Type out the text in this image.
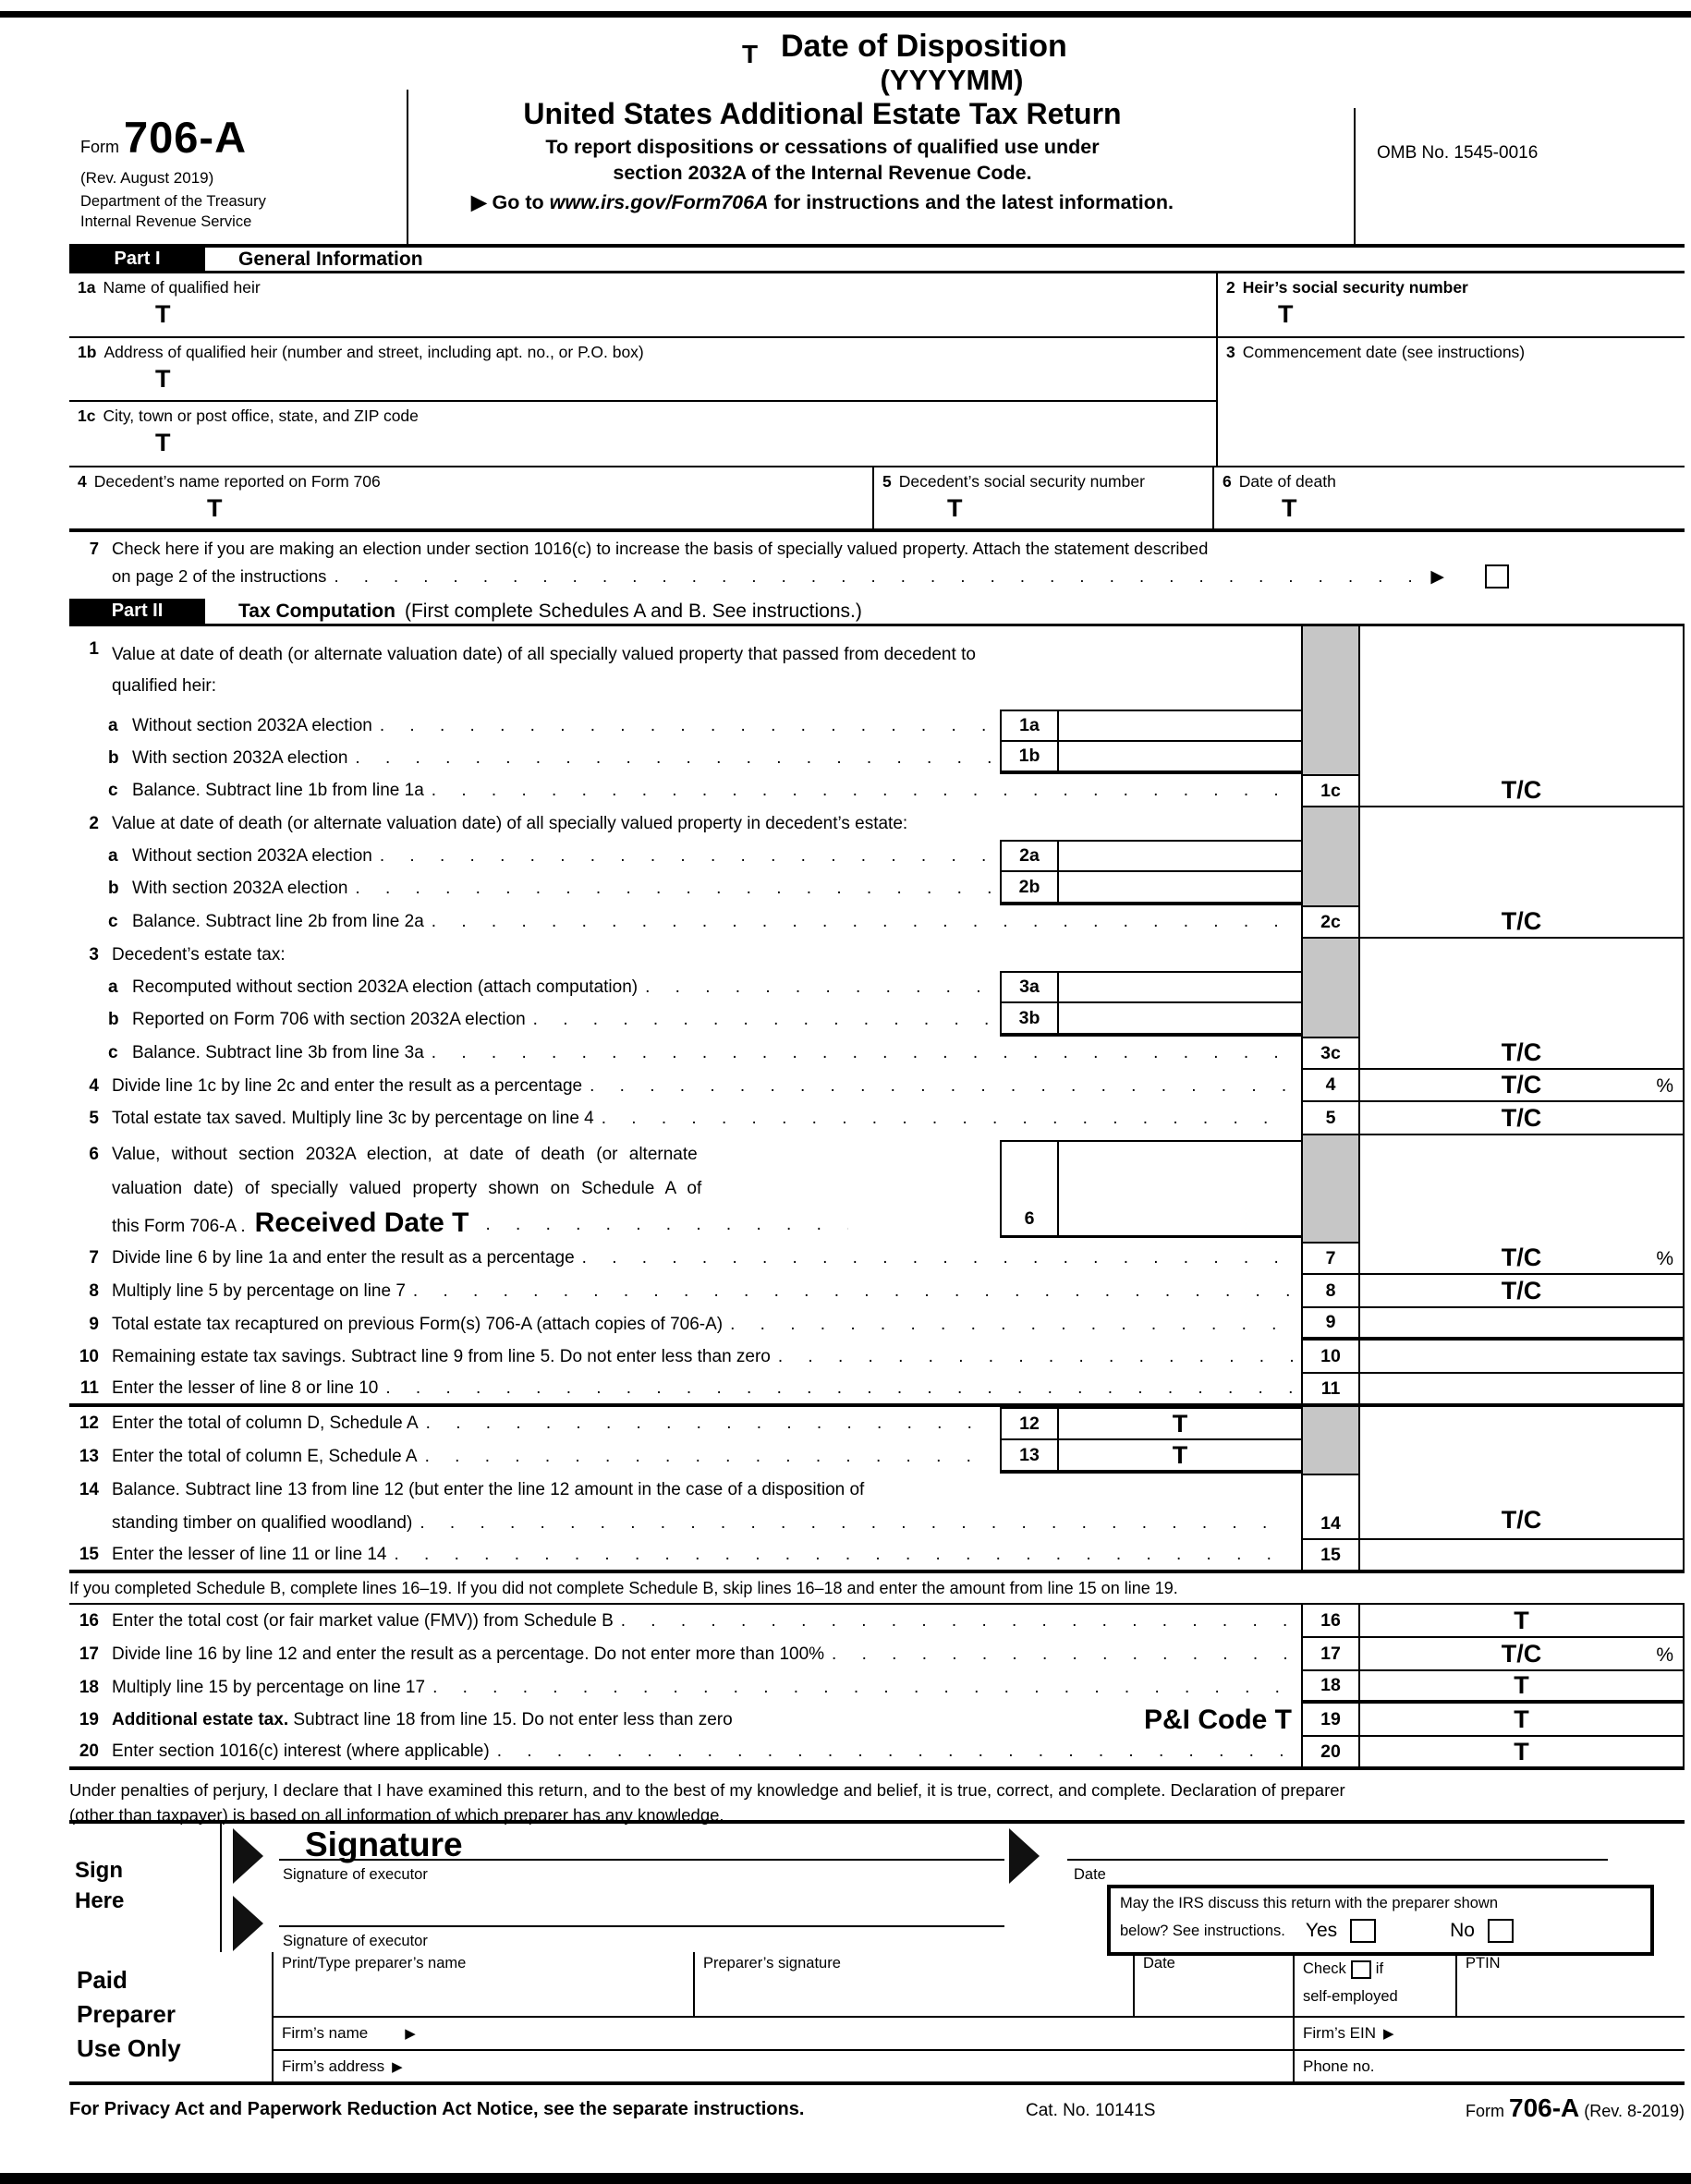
Form 706-A
(Rev. August 2019)
Department of the Treasury
Internal Revenue Service
T Date of Disposition
(YYYYMM)
United States Additional Estate Tax Return
To report dispositions or cessations of qualified use under
section 2032A of the Internal Revenue Code.
▶ Go to www.irs.gov/Form706A for instructions and the latest information.
OMB No. 1545-0016
Part I	General Information
1a Name of qualified heir
T
2 Heir’s social security number
T
1b Address of qualified heir (number and street, including apt. no., or P.O. box)
T
1c City, town or post office, state, and ZIP code
T
3 Commencement date (see instructions)
4 Decedent’s name reported on Form 706
T
5 Decedent’s social security number
T
6 Date of death
T
7 Check here if you are making an election under section 1016(c) to increase the basis of specially valued property. Attach the statement described
on page 2 of the instructions . . .	▶
Part II	Tax Computation (First complete Schedules A and B. See instructions.)
1 Value at date of death (or alternate valuation date) of all specially valued property that passed from decedent to qualified heir:
a Without section 2032A election . . .	1a
b With section 2032A election . . .	1b
c Balance. Subtract line 1b from line 1a . . .	1c	T/C
2 Value at date of death (or alternate valuation date) of all specially valued property in decedent’s estate:
a Without section 2032A election . . .	2a
b With section 2032A election . . .	2b
c Balance. Subtract line 2b from line 2a . . .	2c	T/C
3 Decedent’s estate tax:
a Recomputed without section 2032A election (attach computation) . . .	3a
b Reported on Form 706 with section 2032A election . . .	3b
c Balance. Subtract line 3b from line 3a . . .	3c	T/C
4 Divide line 1c by line 2c and enter the result as a percentage . . .	4	T/C	%
5 Total estate tax saved. Multiply line 3c by percentage on line 4 . . .	5	T/C
6 Value, without section 2032A election, at date of death (or alternate
valuation date) of specially valued property shown on Schedule A of
this Form 706-A . Received Date T . . .	6
7 Divide line 6 by line 1a and enter the result as a percentage . . .	7	T/C	%
8 Multiply line 5 by percentage on line 7 . . .	8	T/C
9 Total estate tax recaptured on previous Form(s) 706-A (attach copies of 706-A) . . .	9
10 Remaining estate tax savings. Subtract line 9 from line 5. Do not enter less than zero . . .	10
11 Enter the lesser of line 8 or line 10 . . .	11
12 Enter the total of column D, Schedule A . . .	12	T
13 Enter the total of column E, Schedule A . . .	13	T
14 Balance. Subtract line 13 from line 12 (but enter the line 12 amount in the case of a disposition of
standing timber on qualified woodland) . . .	14	T/C
15 Enter the lesser of line 11 or line 14 . . .	15
If you completed Schedule B, complete lines 16–19. If you did not complete Schedule B, skip lines 16–18 and enter the amount from line 15 on line 19.
16 Enter the total cost (or fair market value (FMV)) from Schedule B . . .	16	T
17 Divide line 16 by line 12 and enter the result as a percentage. Do not enter more than 100% . . .	17	T/C	%
18 Multiply line 15 by percentage on line 17 . . .	18	T
19 Additional estate tax. Subtract line 18 from line 15. Do not enter less than zero	P&I Code T	19	T
20 Enter section 1016(c) interest (where applicable) . . .	20	T
Under penalties of perjury, I declare that I have examined this return, and to the best of my knowledge and belief, it is true, correct, and complete. Declaration of preparer
(other than taxpayer) is based on all information of which preparer has any knowledge.
Sign
Here
Signature
Signature of executor	Date
Signature of executor
May the IRS discuss this return with the preparer shown
below? See instructions. Yes	No
Paid
Preparer
Use Only
Print/Type preparer’s name	Preparer’s signature	Date	Check if
self-employed
PTIN
Firm’s name	▶	Firm’s EIN ▶
Firm’s address ▶	Phone no.
For Privacy Act and Paperwork Reduction Act Notice, see the separate instructions.	Cat. No. 10141S	Form 706-A (Rev. 8-2019)
